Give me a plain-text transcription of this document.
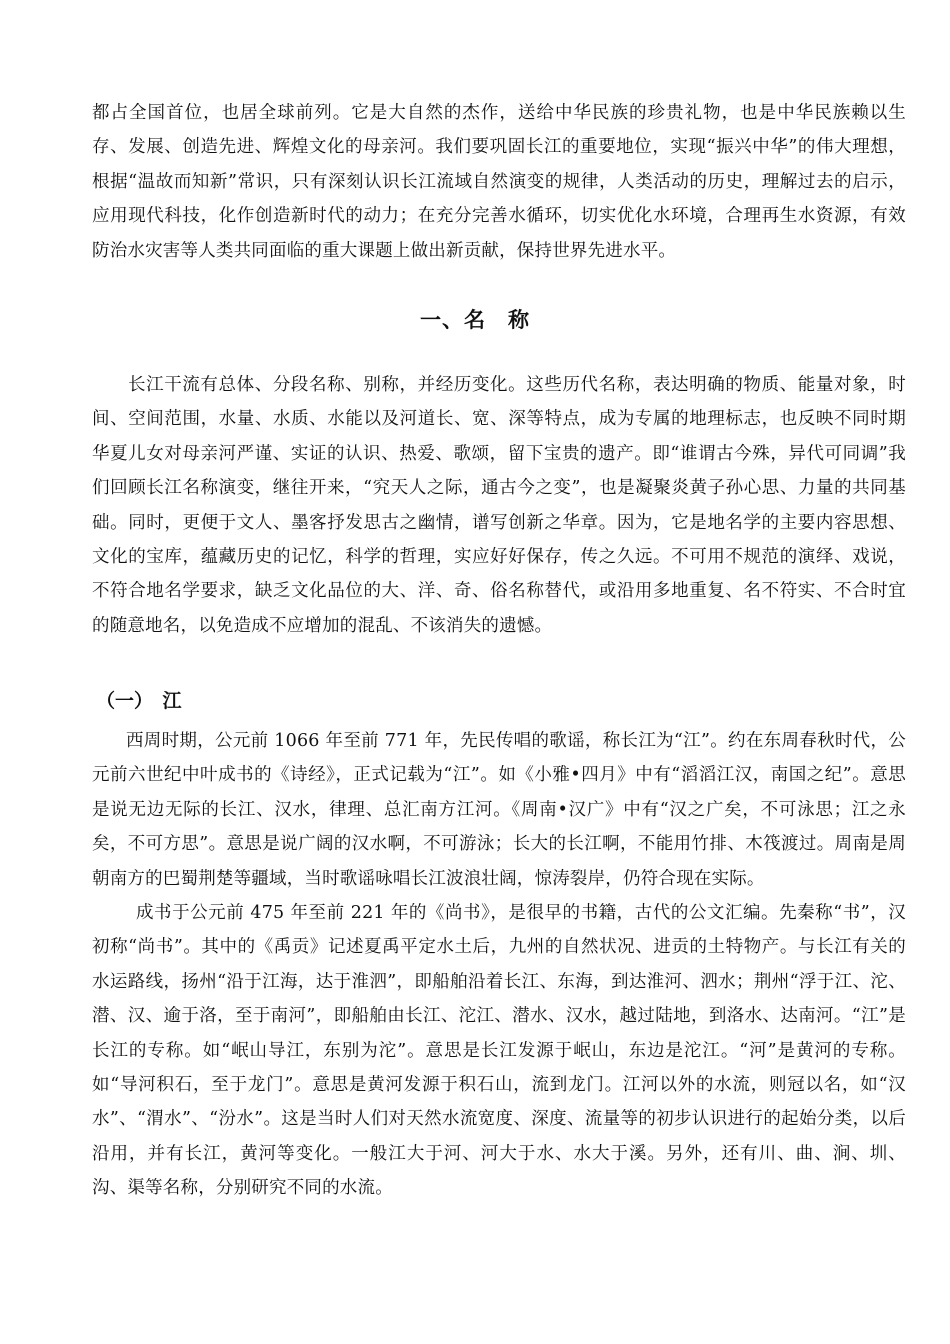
都占全国首位，也居全球前列。它是大自然的杰作，送给中华民族的珍贵礼物，也是中华民族赖以生存、发展、创造先进、辉煌文化的母亲河。我们要巩固长江的重要地位，实现“振兴中华”的伟大理想，根据“温故而知新”常识，只有深刻认识长江流域自然演变的规律，人类活动的历史，理解过去的启示，应用现代科技，化作创造新时代的动力；在充分完善水循环，切实优化水环境，合理再生水资源，有效防治水灾害等人类共同面临的重大课题上做出新贡献，保持世界先进水平。

一、名　称

长江干流有总体、分段名称、别称，并经历变化。这些历代名称，表达明确的物质、能量对象，时间、空间范围，水量、水质、水能以及河道长、宽、深等特点，成为专属的地理标志，也反映不同时期华夏儿女对母亲河严谨、实证的认识、热爱、歌颂，留下宝贵的遗产。即“谁谓古今殊，异代可同调”我们回顾长江名称演变，继往开来，“究天人之际，通古今之变”，也是凝聚炎黄子孙心思、力量的共同基础。同时，更便于文人、墨客抒发思古之幽情，谱写创新之华章。因为，它是地名学的主要内容思想、文化的宝库，蕴藏历史的记忆，科学的哲理，实应好好保存，传之久远。不可用不规范的演绎、戏说，不符合地名学要求，缺乏文化品位的大、洋、奇、俗名称替代，或沿用多地重复、名不符实、不合时宜的随意地名，以免造成不应增加的混乱、不该消失的遗憾。

（一）　江

西周时期，公元前 1066 年至前 771 年，先民传唱的歌谣，称长江为“江”。约在东周春秋时代，公元前六世纪中叶成书的《诗经》，正式记载为“江”。如《小雅•四月》中有“滔滔江汉，南国之纪”。意思是说无边无际的长江、汉水，律理、总汇南方江河。《周南•汉广》中有“汉之广矣，不可泳思；江之永矣，不可方思”。意思是说广阔的汉水啊，不可游泳；长大的长江啊，不能用竹排、木筏渡过。周南是周朝南方的巴蜀荆楚等疆域，当时歌谣咏唱长江波浪壮阔，惊涛裂岸，仍符合现在实际。

成书于公元前 475 年至前 221 年的《尚书》，是很早的书籍，古代的公文汇编。先秦称“书”，汉初称“尚书”。其中的《禹贡》记述夏禹平定水土后，九州的自然状况、进贡的土特物产。与长江有关的水运路线，扬州“沿于江海，达于淮泗”，即船舶沿着长江、东海，到达淮河、泗水；荆州“浮于江、沱、潜、汉、逾于洛，至于南河”，即船舶由长江、沱江、潜水、汉水，越过陆地，到洛水、达南河。“江”是长江的专称。如“岷山导江，东别为沱”。意思是长江发源于岷山，东边是沱江。“河”是黄河的专称。如“导河积石，至于龙门”。意思是黄河发源于积石山，流到龙门。江河以外的水流，则冠以名，如“汉水”、“渭水”、“汾水”。这是当时人们对天然水流宽度、深度、流量等的初步认识进行的起始分类，以后沿用，并有长江，黄河等变化。一般江大于河、河大于水、水大于溪。另外，还有川、曲、涧、圳、沟、渠等名称，分别研究不同的水流。
